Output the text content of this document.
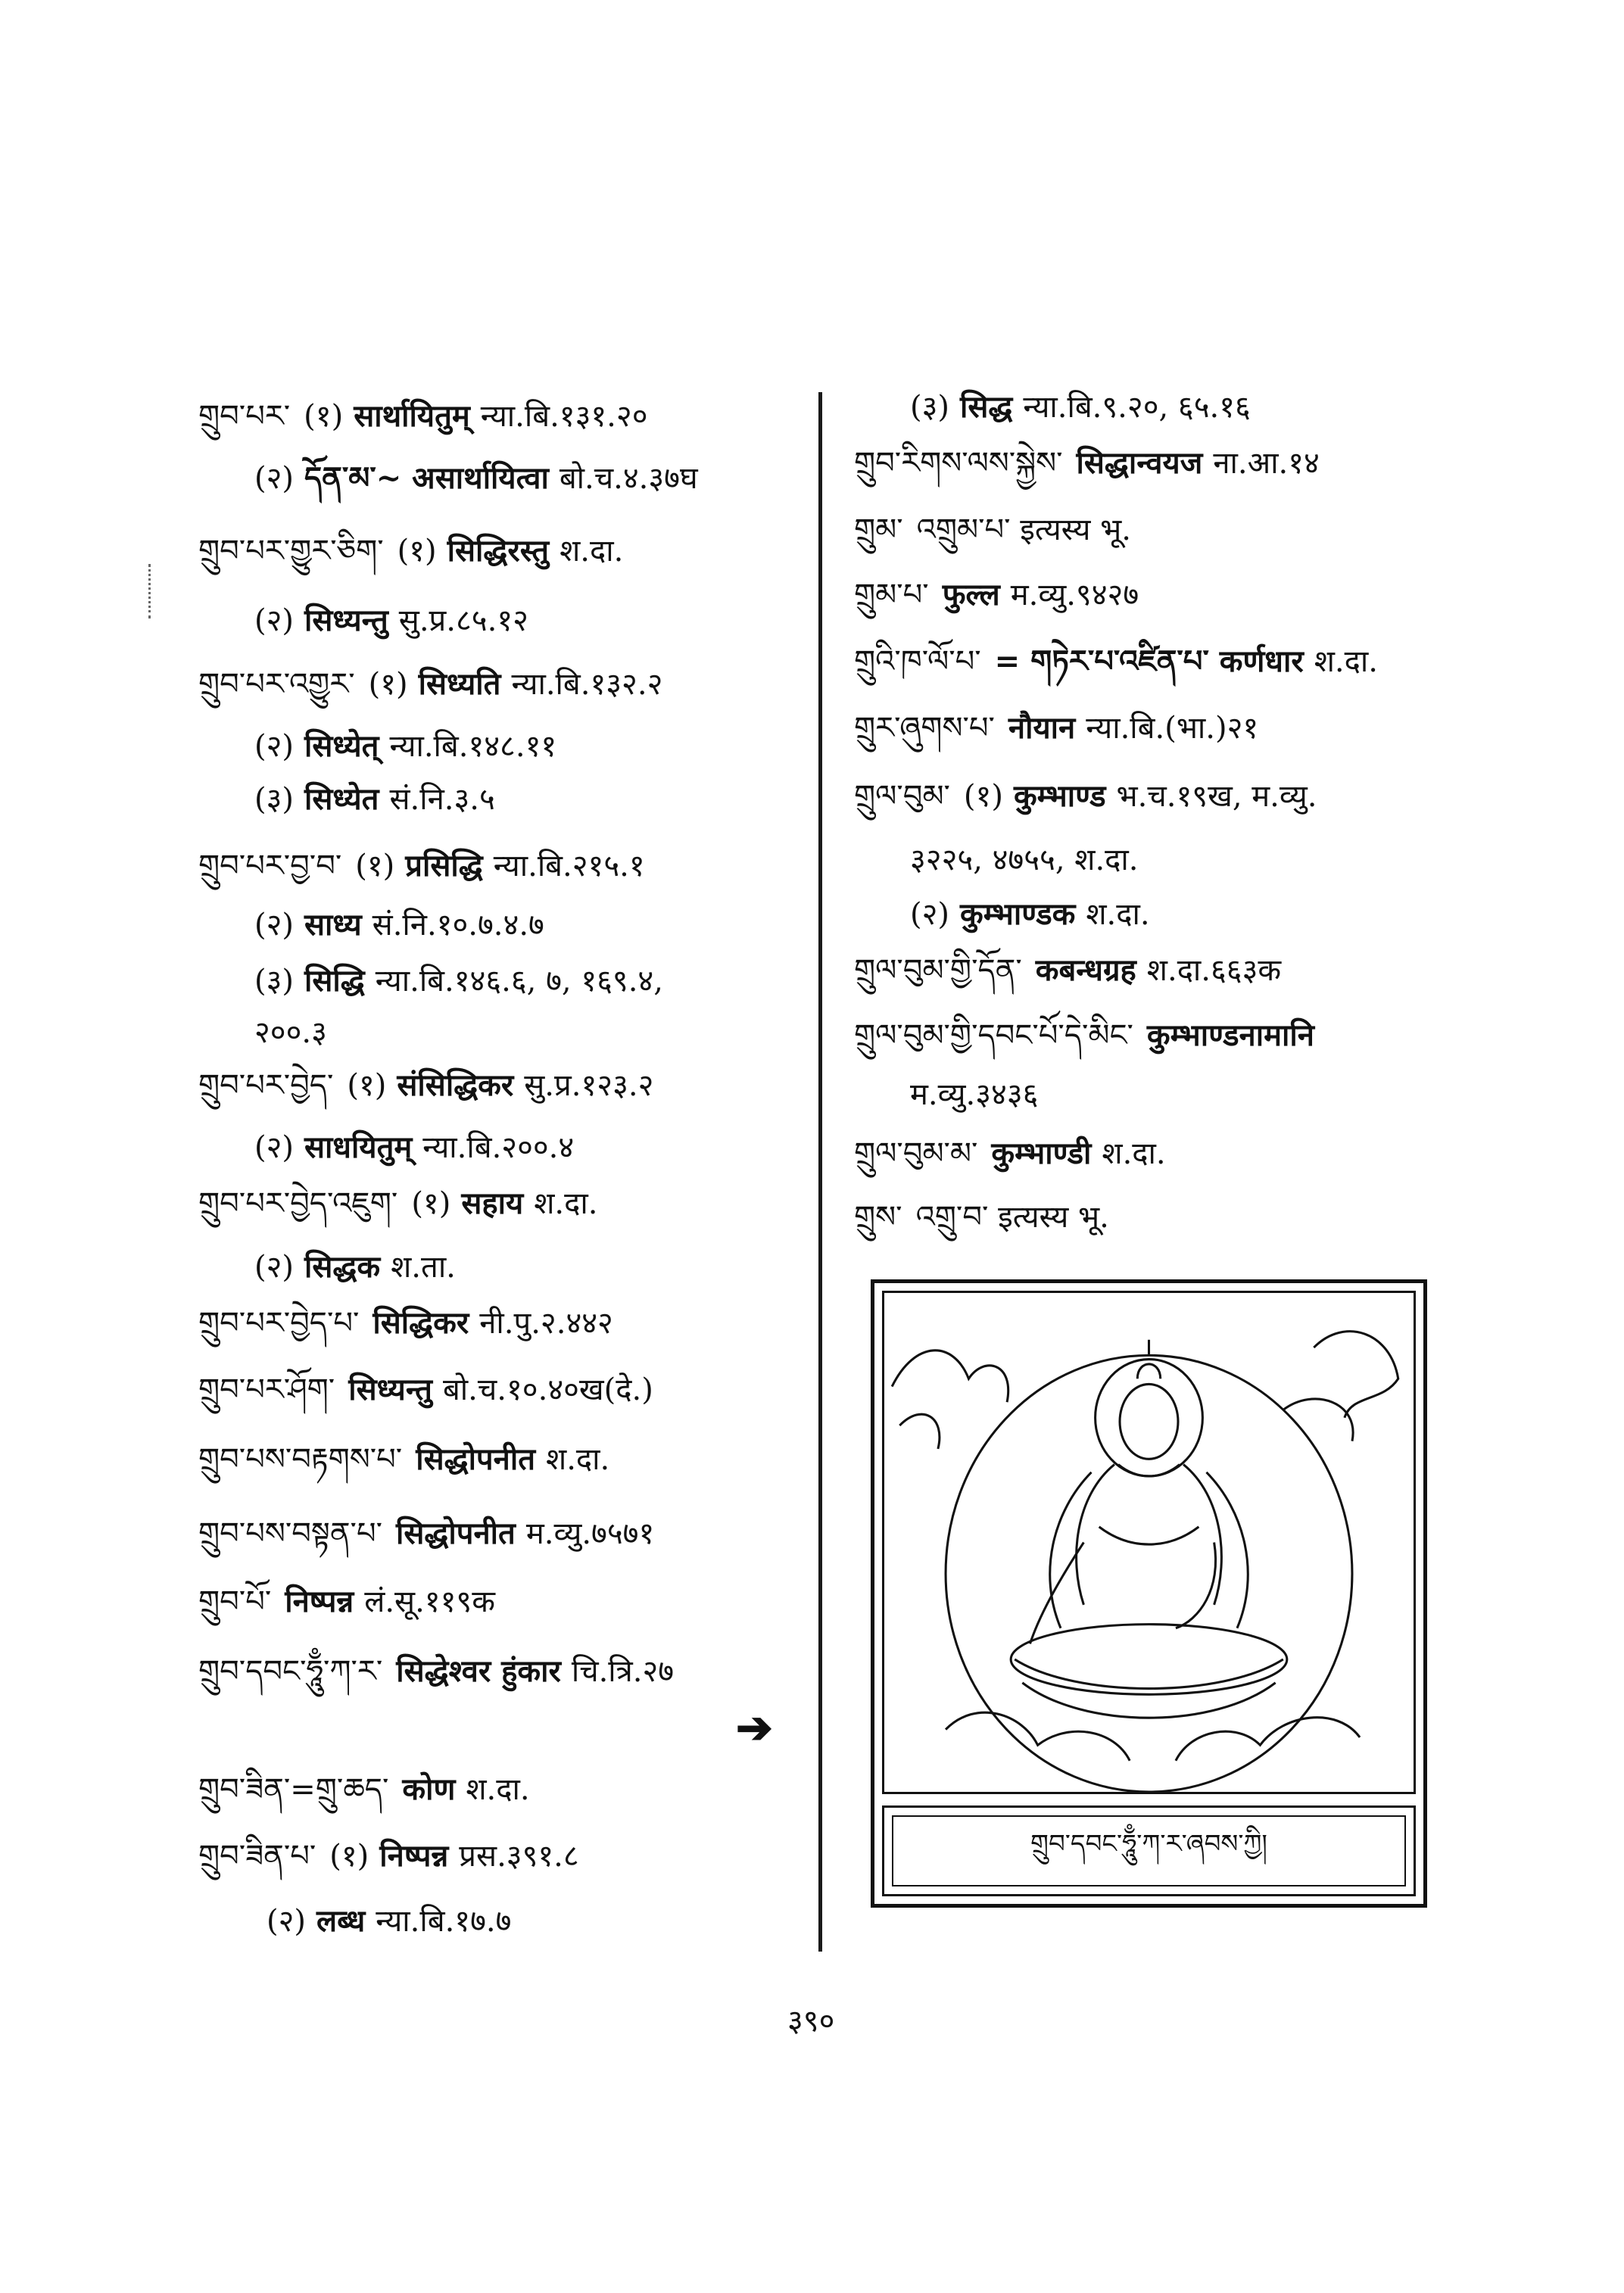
གྲུབ་པར་ (१) सार्थायितुम् न्या.बि.१३१.२०
(२) དོན་མ་~ असार्थायित्वा बो.च.४.३७घ
གྲུབ་པར་གྱུར་ཅིག་ (१) सिद्धिरस्तु श.दा.
(२) सिध्यन्तु सु.प्र.८५.१२
གྲུབ་པར་འགྱུར་ (१) सिध्यति न्या.बि.१३२.२
(२) सिध्येत् न्या.बि.१४८.११
(३) सिध्येत सं.नि.३.५
གྲུབ་པར་བྱ་བ་ (१) प्रसिद्धि न्या.बि.२१५.१
(२) साध्य सं.नि.१०.७.४.७
(३) सिद्धि न्या.बि.१४६.६, ७, १६९.४,
२००.३
གྲུབ་པར་བྱེད་ (१) संसिद्धिकर सु.प्र.१२३.२
(२) साधयितुम् न्या.बि.२००.४
གྲུབ་པར་བྱེད་འཇུག་ (१) सहाय श.दा.
(२) सिद्धक श.ता.
གྲུབ་པར་བྱེད་པ་ सिद्धिकर नी.पु.२.४४२
གྲུབ་པར་ཤོག་ सिध्यन्तु बो.च.१०.४०ख(दे.)
གྲུབ་པས་བརྟགས་པ་ सिद्धोपनीत श.दा.
གྲུབ་པས་བསྟན་པ་ सिद्धोपनीत म.व्यु.७५७१
གྲུབ་པོ་ निष्पन्न लं.सू.११९क
གྲུབ་དབང་ཧཱུྃ་ཀ་ར་ सिद्धेश्वर हुंकार चि.त्रि.२७
གྲུབ་ཟིན་=གྲུ་ཆད་ कोण श.दा.
གྲུབ་ཟིན་པ་ (१) निष्पन्न प्रस.३९१.८
(२) लब्ध न्या.बि.१७.७
➔
(३) सिद्ध न्या.बि.९.२०, ६५.१६
གྲུབ་རིགས་ལས་སྐྱེས་ सिद्धान्वयज ना.आ.१४
གྲུམ་ འགྲུམ་པ་ इत्यस्य भू.
གྲུམ་པ་ फुल्ल म.व्यु.९४२७
གྲུའི་ཁ་ལོ་པ་ = གཏེར་པ་འཛིན་པ་ कर्णधार श.दा.
གྲུར་ཞུགས་པ་ नौयान न्या.बि.(भा.)२१
གྲུལ་བུམ་ (१) कुम्भाण्ड भ.च.१९ख, म.व्यु.
३२२५, ४७५५, श.दा.
(२) कुम्भाण्डक श.दा.
གྲུལ་བུམ་གྱི་དོན་ कबन्धग्रह श.दा.६६३क
གྲུལ་བུམ་གྱི་དབང་པོ་དེ་མིང་ कुम्भाण्डनामानि
म.व्यु.३४३६
གྲུལ་བུམ་མ་ कुम्भाण्डी श.दा.
གྲུས་ འགྲུ་བ་ इत्यस्य भू.
གྲུབ་དབང་ཧཱུྃ་ཀ་ར་ཞབས་ཀྱི།
३९०
